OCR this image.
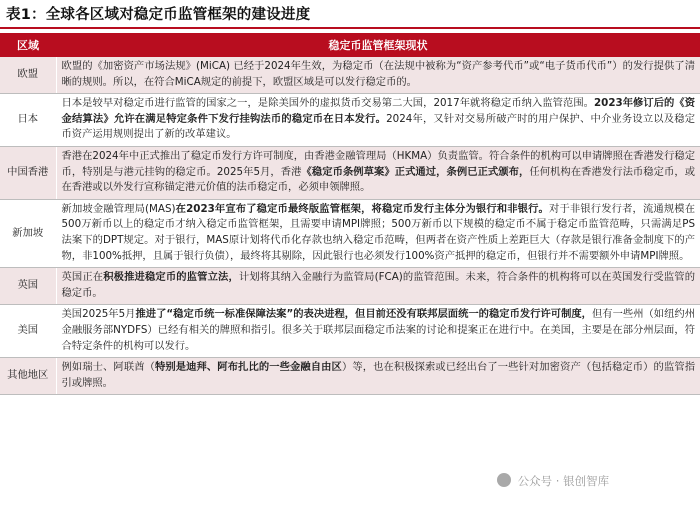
表1：全球各区域对稳定币监管框架的建设进度
区域	稳定币监管框架现状
欧盟	欧盟的《加密资产市场法规》(MiCA) 已经于2024年生效，为稳定币（在法规中被称为“资产参考代币”或“电子货币代币”）的发行提供了清晰的规则。所以，在符合MiCA规定的前提下，欧盟区域是可以发行稳定币的。
日本	日本是较早对稳定币进行监管的国家之一，是除美国外的虚拟货币交易第二大国，2017年就将稳定币纳入监管范围。2023年修订后的《资金结算法》允许在满足特定条件下发行挂钩法币的稳定币在日本发行。2024年，又针对交易所破产时的用户保护、中介业务设立以及稳定币资产运用规则提出了新的改革建议。
中国香港	香港在2024年中正式推出了稳定币发行方许可制度，由香港金融管理局（HKMA）负责监管。符合条件的机构可以申请牌照在香港发行稳定币，特别是与港元挂钩的稳定币。2025年5月，香港《稳定币条例草案》正式通过，条例已正式颁布，任何机构在香港发行法币稳定币，或在香港或以外发行宣称锚定港元价值的法币稳定币，必须申领牌照。
新加坡	新加坡金融管理局(MAS)在2023年宣布了稳定币最终版监管框架，将稳定币发行主体分为银行和非银行。对于非银行发行者，流通规模在500万新币以上的稳定币才纳入稳定币监管框架，且需要申请MPI牌照；500万新币以下规模的稳定币不属于稳定币监管范畴，只需满足PS法案下的DPT规定。对于银行，MAS原计划将代币化存款也纳入稳定币范畴，但两者在资产性质上差距巨大（存款是银行准备金制度下的产物，非100%抵押，且属于银行负债），最终将其剔除，因此银行也必须发行100%资产抵押的稳定币，但银行并不需要额外申请MPI牌照。
英国	英国正在积极推进稳定币的监管立法，计划将其纳入金融行为监管局(FCA)的监管范围。未来，符合条件的机构将可以在英国发行受监管的稳定币。
美国	美国2025年5月推进了“稳定币统一标准保障法案”的表决进程，但目前还没有联邦层面统一的稳定币发行许可制度，但有一些州（如纽约州金融服务部NYDFS）已经有相关的牌照和指引。很多关于联邦层面稳定币法案的讨论和提案正在进行中。在美国，主要是在部分州层面，符合特定条件的机构可以发行。
其他地区	例如瑞士、阿联酋（特别是迪拜、阿布扎比的一些金融自由区）等，也在积极探索或已经出台了一些针对加密资产（包括稳定币）的监管指引或牌照。
公众号 · 银创智库
